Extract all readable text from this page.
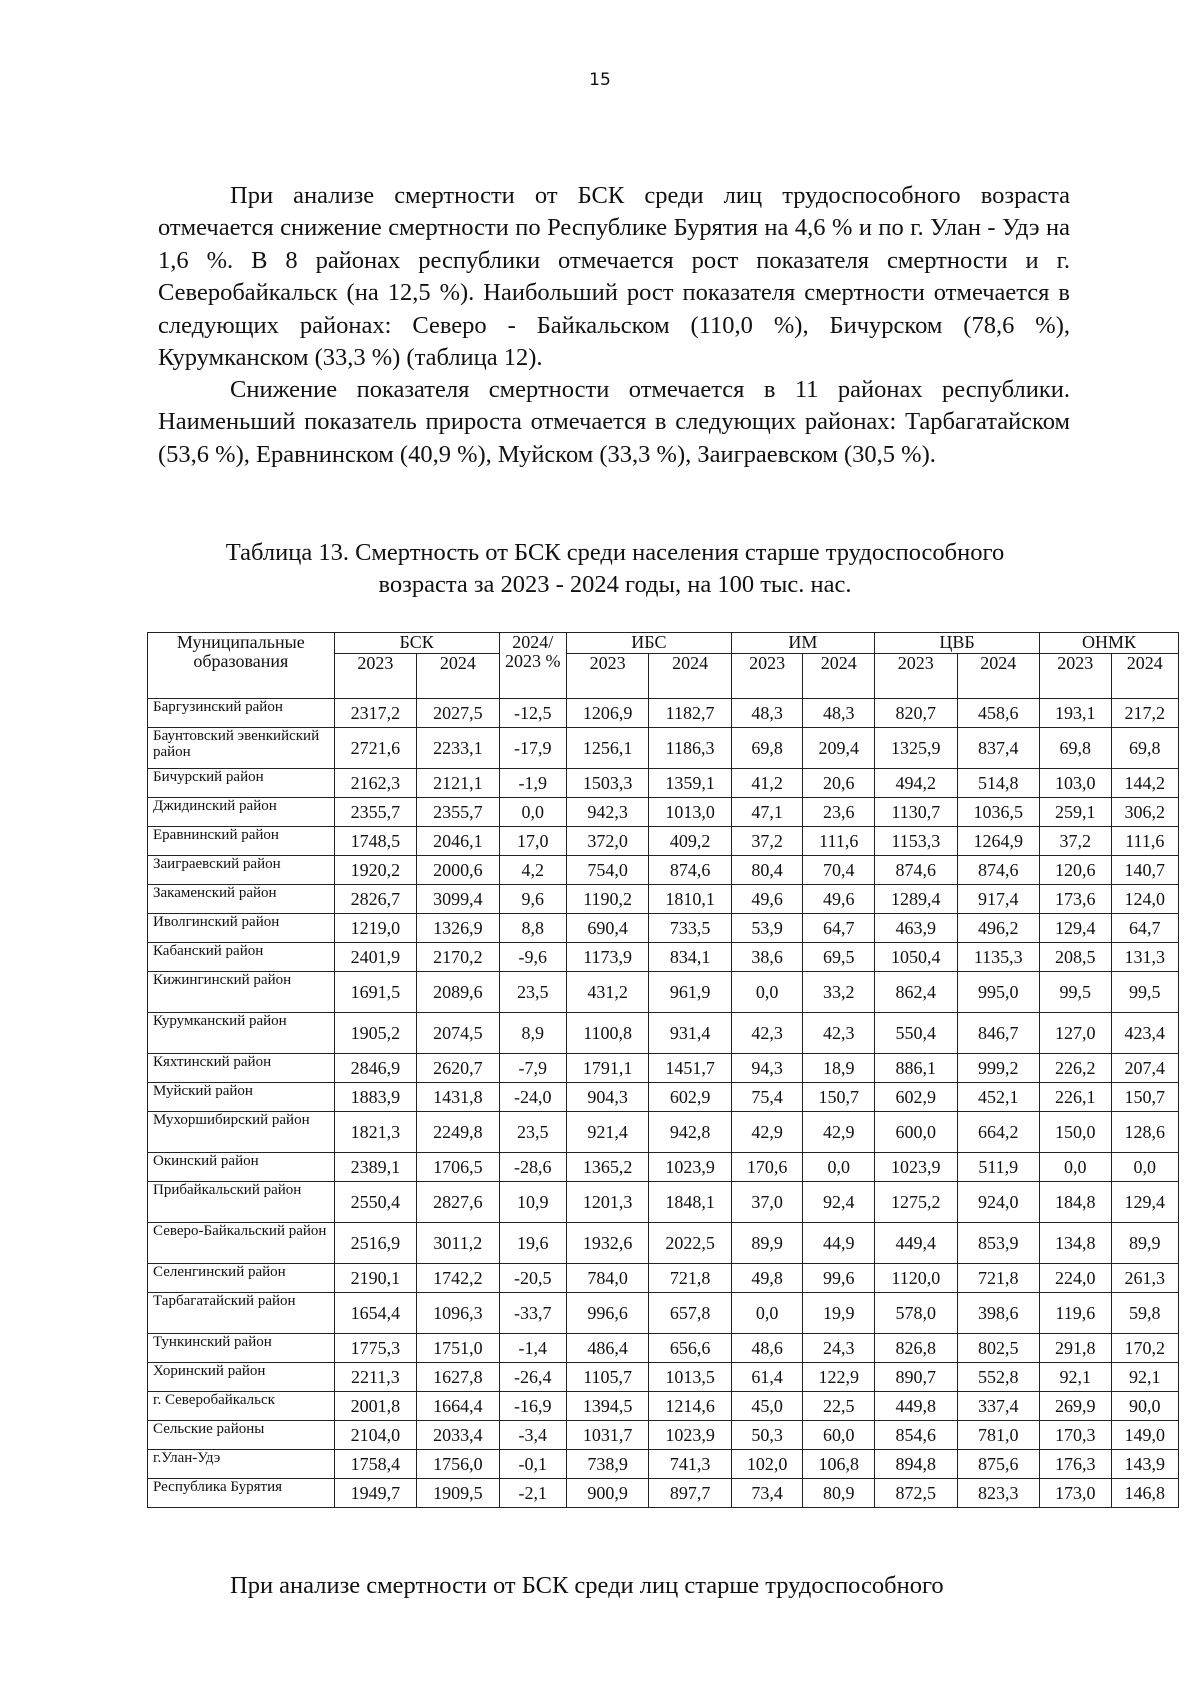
15

При анализе смертности от БСК среди лиц трудоспособного возраста отмечается снижение смертности по Республике Бурятия на 4,6 % и по г. Улан - Удэ на 1,6 %. В 8 районах республики отмечается рост показателя смертности и г. Северобайкальск (на 12,5 %). Наибольший рост показателя смертности отмечается в следующих районах: Северо - Байкальском (110,0 %), Бичурском (78,6 %), Курумканском (33,3 %) (таблица 12).

Снижение показателя смертности отмечается в 11 районах республики. Наименьший показатель прироста отмечается в следующих районах: Тарбагатайском (53,6 %), Еравнинском (40,9 %), Муйском (33,3 %), Заиграевском (30,5 %).

Таблица 13. Смертность от БСК среди населения старше трудоспособного
возраста за 2023 - 2024 годы, на 100 тыс. нас.
Муниципальные образования	БСК		2024/ 2023 %	ИБС		ИМ		ЦВБ		ОНМК	
	2023	2024		2023	2024	2023	2024	2023	2024	2023	2024
Баргузинский район	2317,2	2027,5	-12,5	1206,9	1182,7	48,3	48,3	820,7	458,6	193,1	217,2
Баунтовский эвенкийский район	2721,6	2233,1	-17,9	1256,1	1186,3	69,8	209,4	1325,9	837,4	69,8	69,8
Бичурский район	2162,3	2121,1	-1,9	1503,3	1359,1	41,2	20,6	494,2	514,8	103,0	144,2
Джидинский район	2355,7	2355,7	0,0	942,3	1013,0	47,1	23,6	1130,7	1036,5	259,1	306,2
Еравнинский район	1748,5	2046,1	17,0	372,0	409,2	37,2	111,6	1153,3	1264,9	37,2	111,6
Заиграевский район	1920,2	2000,6	4,2	754,0	874,6	80,4	70,4	874,6	874,6	120,6	140,7
Закаменский район	2826,7	3099,4	9,6	1190,2	1810,1	49,6	49,6	1289,4	917,4	173,6	124,0
Иволгинский район	1219,0	1326,9	8,8	690,4	733,5	53,9	64,7	463,9	496,2	129,4	64,7
Кабанский район	2401,9	2170,2	-9,6	1173,9	834,1	38,6	69,5	1050,4	1135,3	208,5	131,3
Кижингинский район	1691,5	2089,6	23,5	431,2	961,9	0,0	33,2	862,4	995,0	99,5	99,5
Курумканский район	1905,2	2074,5	8,9	1100,8	931,4	42,3	42,3	550,4	846,7	127,0	423,4
Кяхтинский район	2846,9	2620,7	-7,9	1791,1	1451,7	94,3	18,9	886,1	999,2	226,2	207,4
Муйский район	1883,9	1431,8	-24,0	904,3	602,9	75,4	150,7	602,9	452,1	226,1	150,7
Мухоршибирский район	1821,3	2249,8	23,5	921,4	942,8	42,9	42,9	600,0	664,2	150,0	128,6
Окинский район	2389,1	1706,5	-28,6	1365,2	1023,9	170,6	0,0	1023,9	511,9	0,0	0,0
Прибайкальский район	2550,4	2827,6	10,9	1201,3	1848,1	37,0	92,4	1275,2	924,0	184,8	129,4
Северо-Байкальский район	2516,9	3011,2	19,6	1932,6	2022,5	89,9	44,9	449,4	853,9	134,8	89,9
Селенгинский район	2190,1	1742,2	-20,5	784,0	721,8	49,8	99,6	1120,0	721,8	224,0	261,3
Тарбагатайский район	1654,4	1096,3	-33,7	996,6	657,8	0,0	19,9	578,0	398,6	119,6	59,8
Тункинский район	1775,3	1751,0	-1,4	486,4	656,6	48,6	24,3	826,8	802,5	291,8	170,2
Хоринский район	2211,3	1627,8	-26,4	1105,7	1013,5	61,4	122,9	890,7	552,8	92,1	92,1
г. Северобайкальск	2001,8	1664,4	-16,9	1394,5	1214,6	45,0	22,5	449,8	337,4	269,9	90,0
Сельские районы	2104,0	2033,4	-3,4	1031,7	1023,9	50,3	60,0	854,6	781,0	170,3	149,0
г.Улан-Удэ	1758,4	1756,0	-0,1	738,9	741,3	102,0	106,8	894,8	875,6	176,3	143,9
Республика Бурятия	1949,7	1909,5	-2,1	900,9	897,7	73,4	80,9	872,5	823,3	173,0	146,8

При анализе смертности от БСК среди лиц старше трудоспособного
